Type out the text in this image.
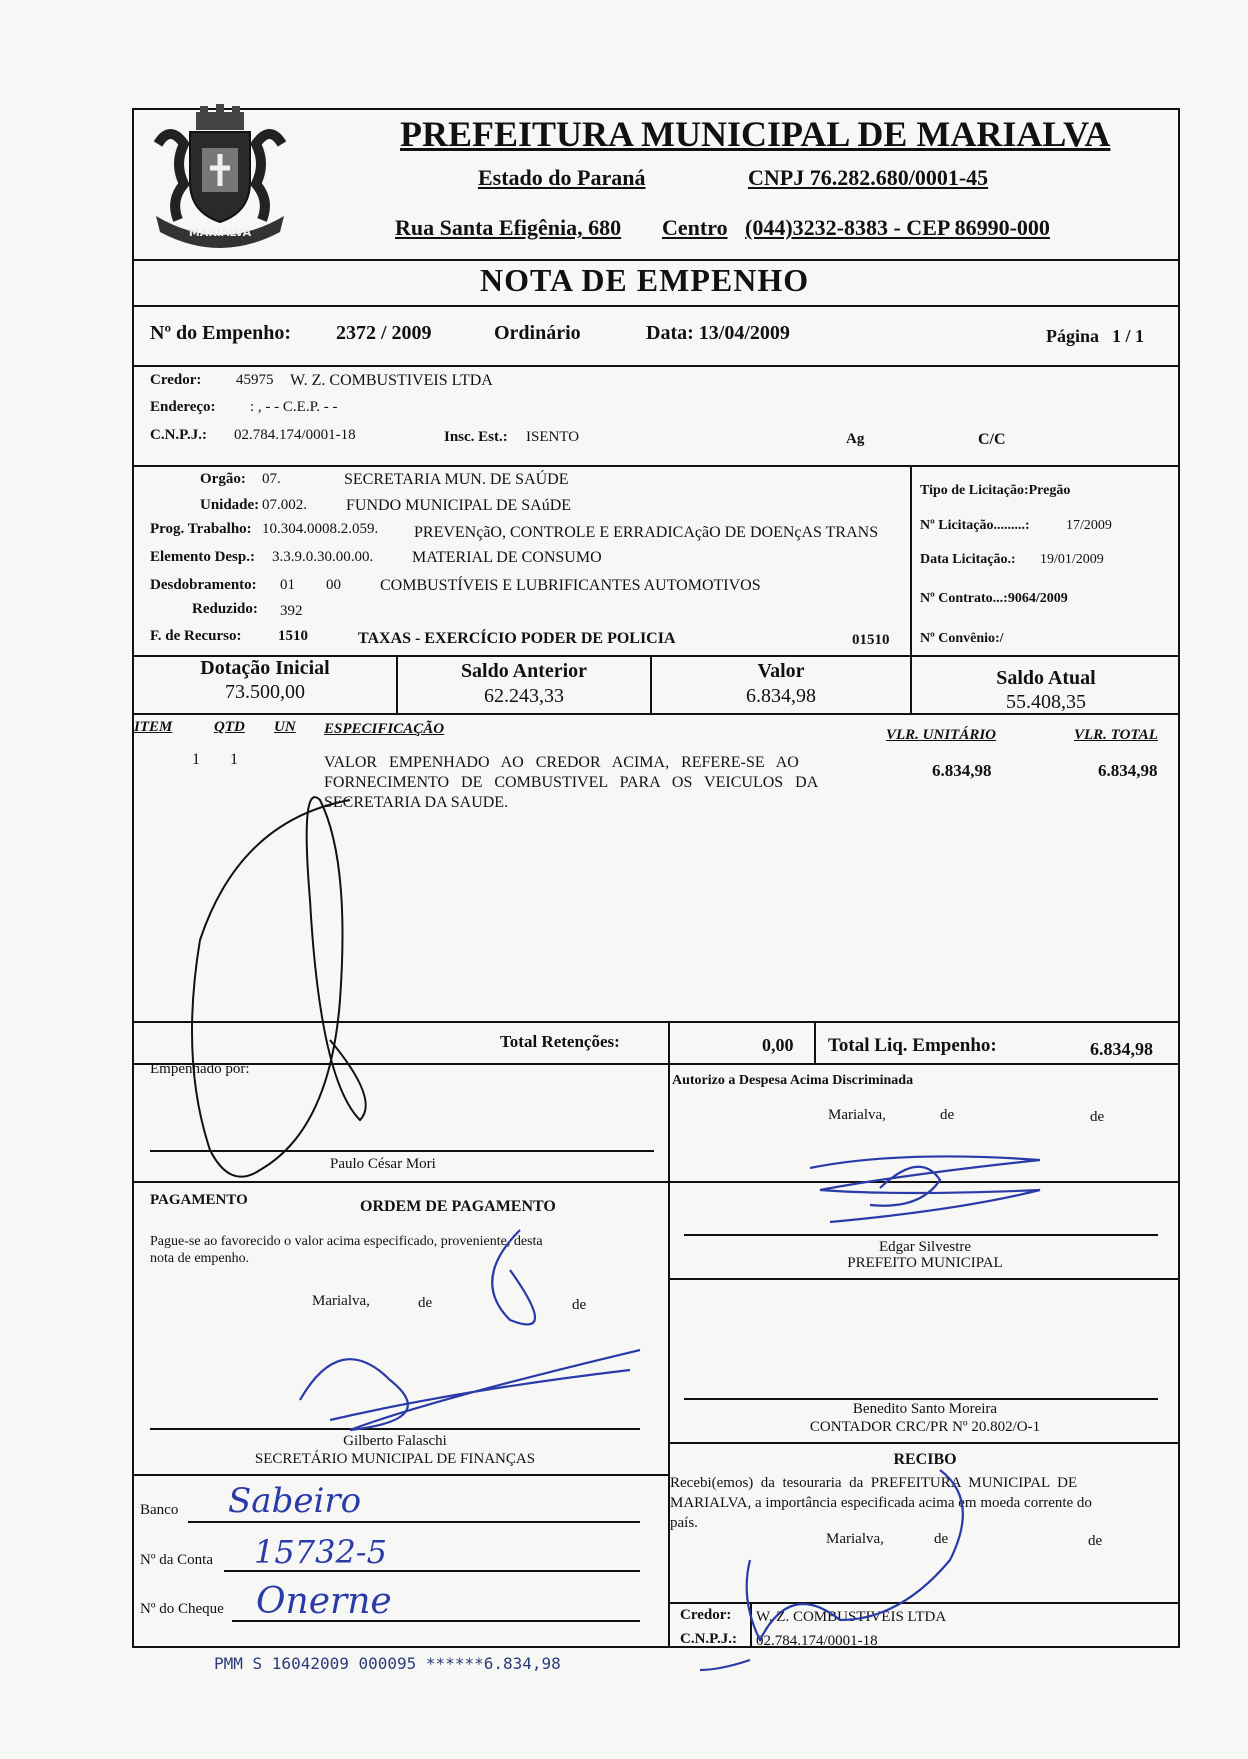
MARIALVA
PREFEITURA MUNICIPAL DE MARIALVA
Estado do Paraná	CNPJ 76.282.680/0001-45
Rua Santa Efigênia, 680 Centro (044)3232-8383 - CEP 86990-000
NOTA DE EMPENHO
Nº do Empenho: 2372 / 2009	Ordinário	Data: 13/04/2009	Página 1 / 1
Credor: 45975 W. Z. COMBUSTIVEIS LTDA
Endereço: : , - - C.E.P. - -
C.N.P.J.: 02.784.174/0001-18	Insc. Est.: ISENTO	Ag	C/C
Orgão: 07.	SECRETARIA MUN. DE SAÚDE
Unidade: 07.002. FUNDO MUNICIPAL DE SAúDE
Prog. Trabalho: 10.304.0008.2.059. PREVENçãO, CONTROLE E ERRADICAçãO DE DOENçAS TRANS
Elemento Desp.: 3.3.9.0.30.00.00. MATERIAL DE CONSUMO
Desdobramento: 01 00 COMBUSTÍVEIS E LUBRIFICANTES AUTOMOTIVOS
Reduzido: 392
F. de Recurso: 1510	TAXAS - EXERCÍCIO PODER DE POLICIA	01510
Tipo de Licitação:Pregão
Nº Licitação.........:	17/2009
Data Licitação.: 19/01/2009
Nº Contrato...:9064/2009
Nº Convênio:/
Dotação Inicial
73.500,00
Saldo Anterior
62.243,33
Valor
6.834,98
Saldo Atual
55.408,35
ITEM	QTD UN ESPECIFICAÇÃO	VLR. UNITÁRIO	VLR. TOTAL
1 1	VALOR   EMPENHADO   AO   CREDOR   ACIMA,   REFERE-SE   AO
FORNECIMENTO   DE   COMBUSTIVEL   PARA   OS   VEICULOS   DA
SECRETARIA DA SAUDE.
6.834,98	6.834,98
Total Retenções:	0,00 Total Liq. Empenho:	6.834,98
Empenhado por:
Paulo César Mori
Autorizo a Despesa Acima Discriminada
Marialva,	de	de
Edgar Silvestre
PREFEITO MUNICIPAL
PAGAMENTO	ORDEM DE PAGAMENTO
Pague-se ao favorecido o valor acima especificado, proveniente, desta
nota de empenho.
Marialva,	de	de
Gilberto Falaschi
SECRETÁRIO MUNICIPAL DE FINANÇAS
Banco Sabeiro
Nº da Conta 15732-5
Nº do Cheque Onerne
Benedito Santo Moreira
CONTADOR CRC/PR Nº 20.802/O-1
RECIBO
Recebi(emos)  da  tesouraria  da  PREFEITURA  MUNICIPAL  DE
MARIALVA, a importância especificada acima em moeda corrente do
país.
Marialva,	de	de
Credor: W. Z. COMBUSTIVEIS LTDA
C.N.P.J.: 02.784.174/0001-18
PMM S 16042009 000095 ******6.834,98
